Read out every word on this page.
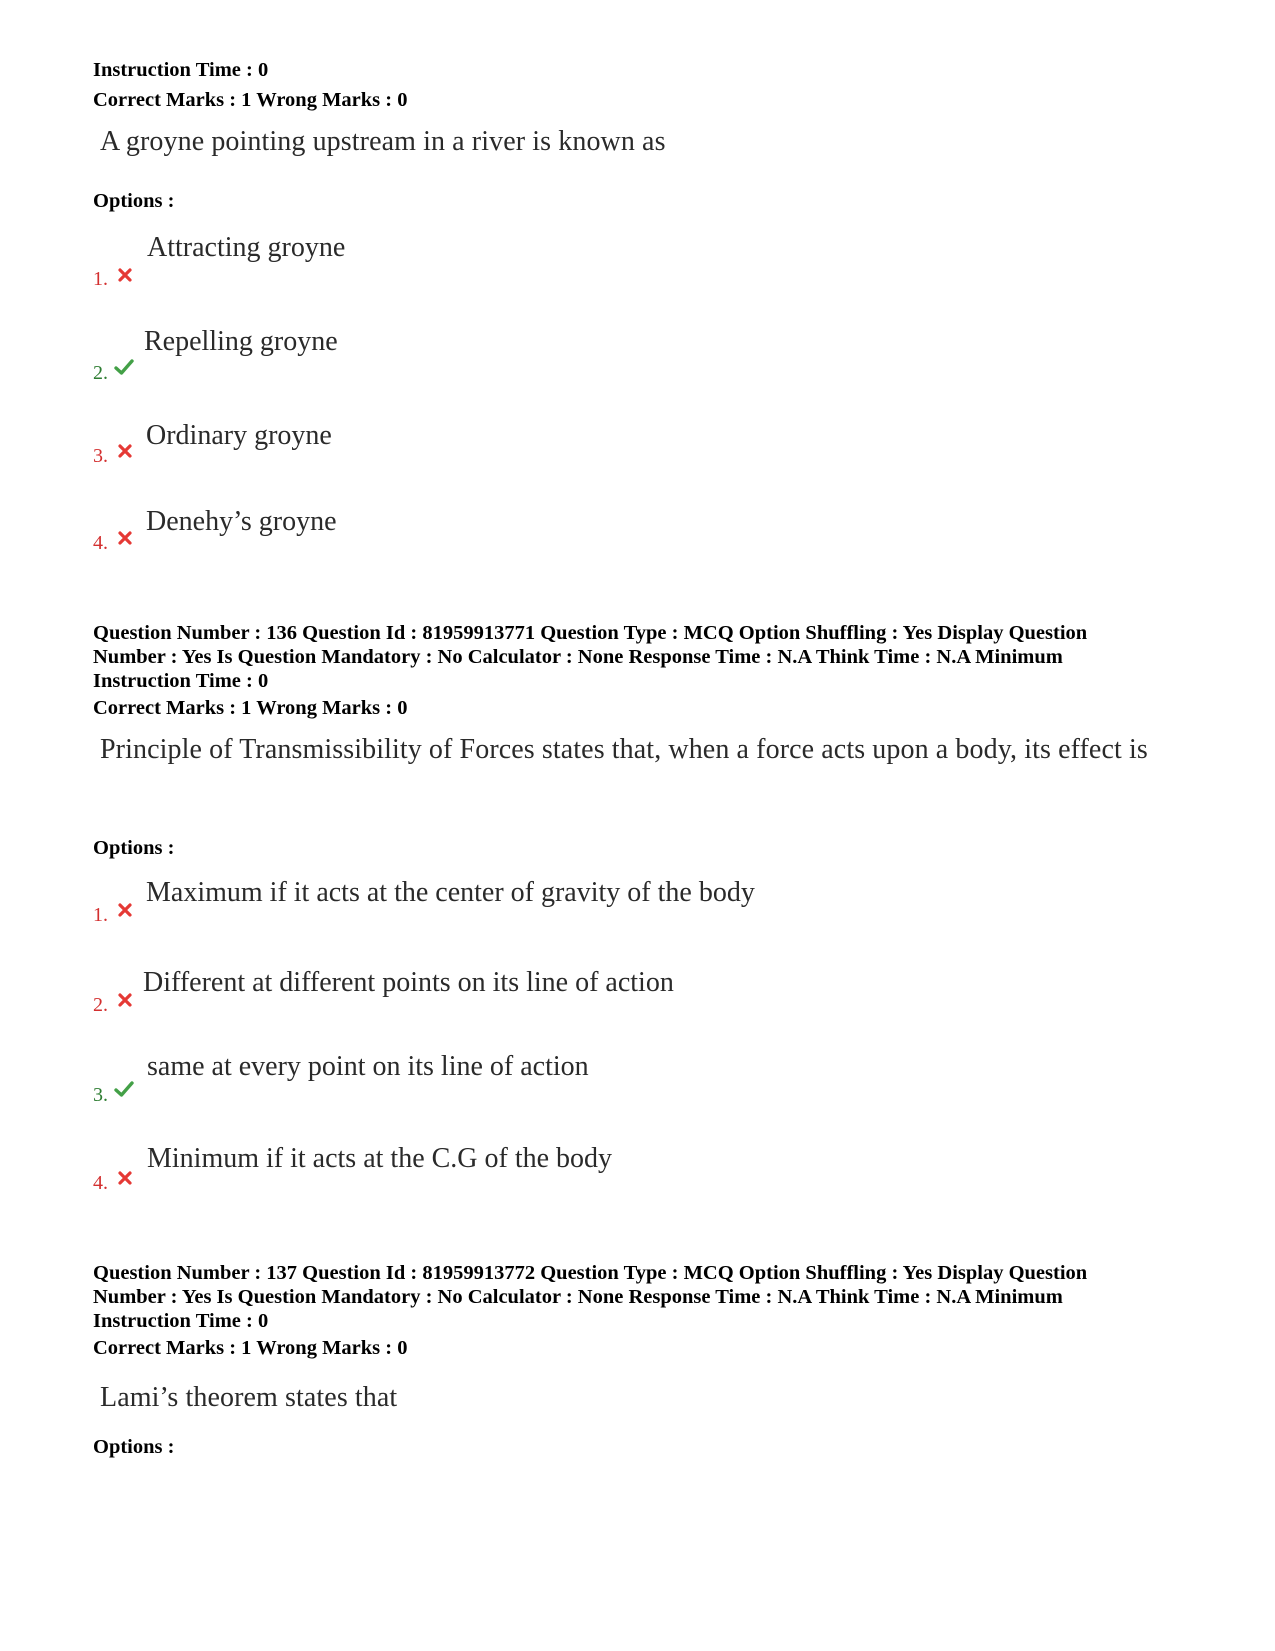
Instruction Time : 0
Correct Marks : 1 Wrong Marks : 0
A groyne pointing upstream in a river is known as
Options :
1.
Attracting groyne
2.
Repelling groyne
3.
Ordinary groyne
4.
Denehy’s groyne
Question Number : 136 Question Id : 81959913771 Question Type : MCQ Option Shuffling : Yes Display Question
Number : Yes Is Question Mandatory : No Calculator : None Response Time : N.A Think Time : N.A Minimum
Instruction Time : 0
Correct Marks : 1 Wrong Marks : 0
Principle of Transmissibility of Forces states that, when a force acts upon a body, its effect is
Options :
1.
Maximum if it acts at the center of gravity of the body
2.
Different at different points on its line of action
3.
same at every point on its line of action
4.
Minimum if it acts at the C.G of the body
Question Number : 137 Question Id : 81959913772 Question Type : MCQ Option Shuffling : Yes Display Question
Number : Yes Is Question Mandatory : No Calculator : None Response Time : N.A Think Time : N.A Minimum
Instruction Time : 0
Correct Marks : 1 Wrong Marks : 0
Lami’s theorem states that
Options :
